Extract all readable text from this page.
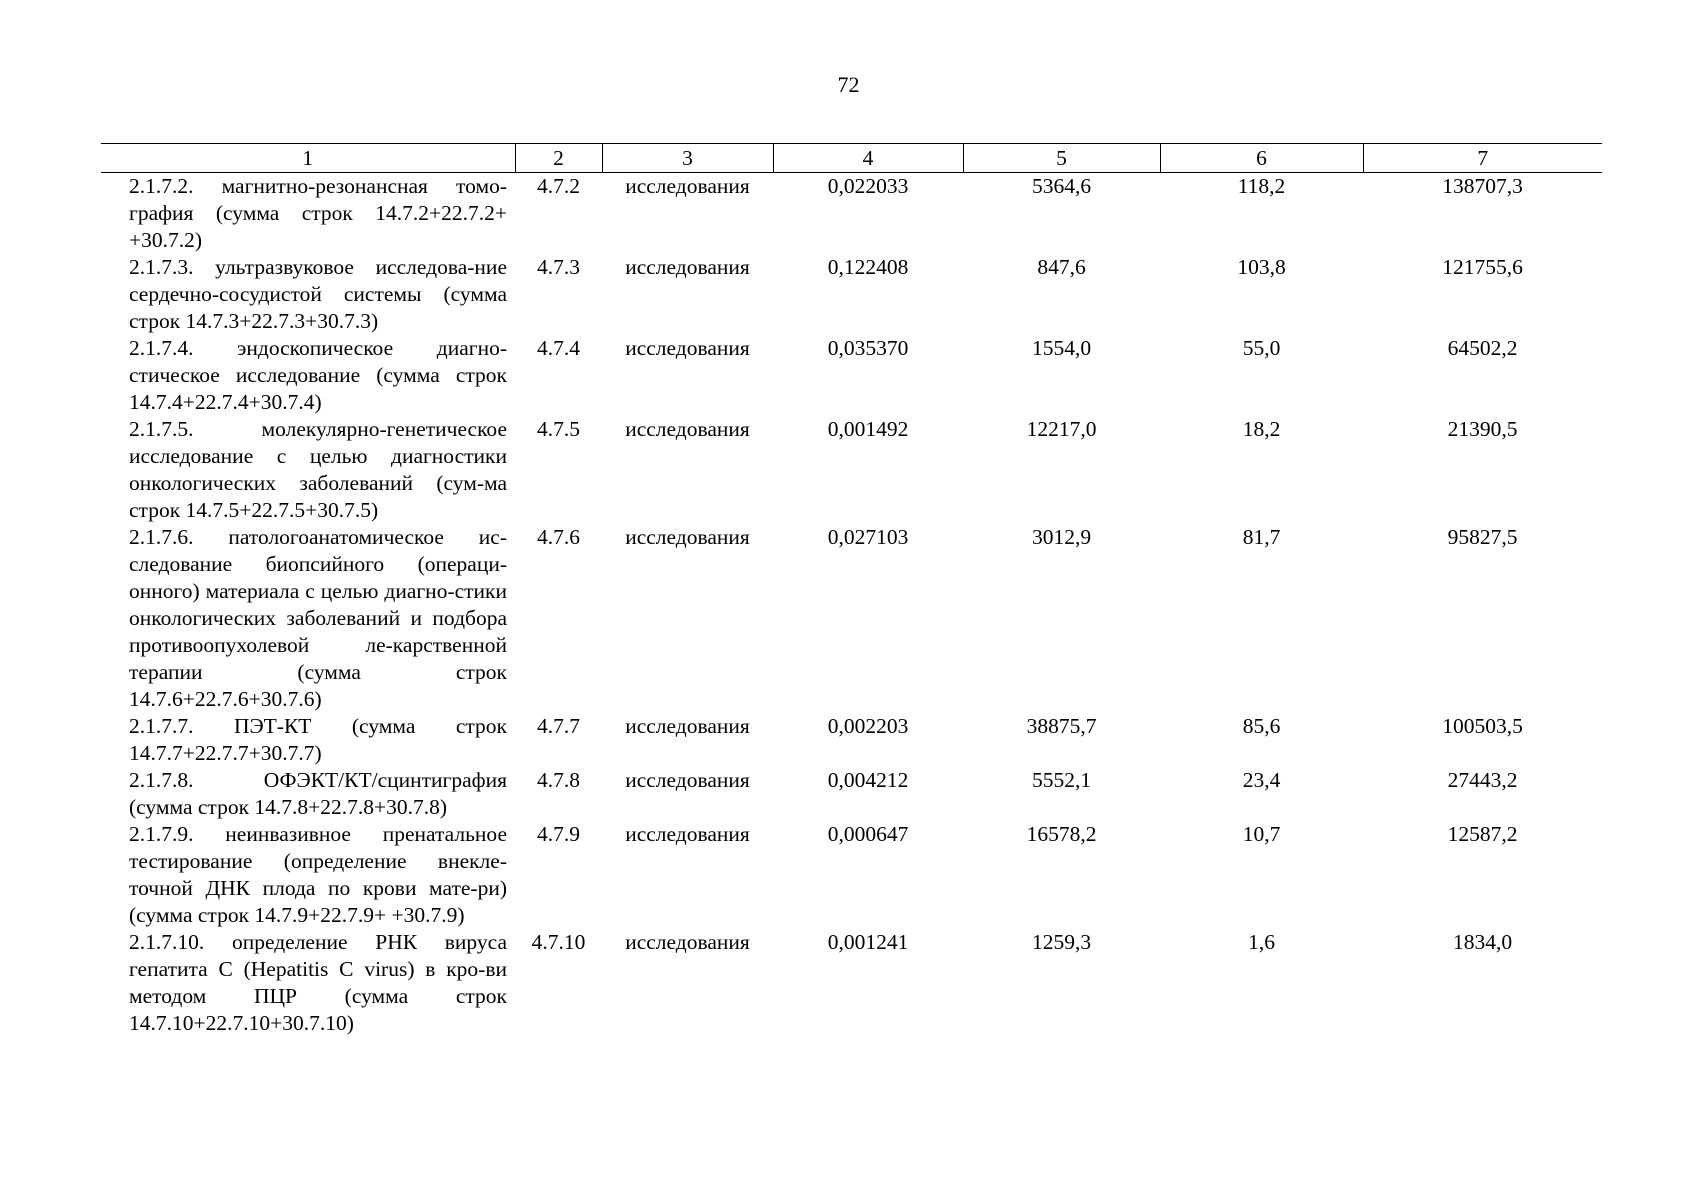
72
1	2	3	4	5	6	7
2.1.7.2. магнитно-резонансная томо-графия (сумма строк 14.7.2+22.7.2+ +30.7.2)	4.7.2	исследования	0,022033	5364,6	118,2	138707,3
2.1.7.3. ультразвуковое исследова-ние сердечно-сосудистой системы (сумма строк 14.7.3+22.7.3+30.7.3)	4.7.3	исследования	0,122408	847,6	103,8	121755,6
2.1.7.4. эндоскопическое диагно-стическое исследование (сумма строк 14.7.4+22.7.4+30.7.4)	4.7.4	исследования	0,035370	1554,0	55,0	64502,2
2.1.7.5. молекулярно-генетическое исследование с целью диагностики онкологических заболеваний (сум-ма строк 14.7.5+22.7.5+30.7.5)	4.7.5	исследования	0,001492	12217,0	18,2	21390,5
2.1.7.6. патологоанатомическое ис-следование биопсийного (операци-онного) материала с целью диагно-стики онкологических заболеваний и подбора противоопухолевой ле-карственной терапии (сумма строк 14.7.6+22.7.6+30.7.6)	4.7.6	исследования	0,027103	3012,9	81,7	95827,5
2.1.7.7. ПЭТ-КТ (сумма строк 14.7.7+22.7.7+30.7.7)	4.7.7	исследования	0,002203	38875,7	85,6	100503,5
2.1.7.8. ОФЭКТ/КТ/сцинтиграфия (сумма строк 14.7.8+22.7.8+30.7.8)	4.7.8	исследования	0,004212	5552,1	23,4	27443,2
2.1.7.9. неинвазивное пренатальное тестирование (определение внекле-точной ДНК плода по крови мате-ри) (сумма строк 14.7.9+22.7.9+ +30.7.9)	4.7.9	исследования	0,000647	16578,2	10,7	12587,2
2.1.7.10. определение РНК вируса гепатита C (Hepatitis C virus) в кро-ви методом ПЦР (сумма строк 14.7.10+22.7.10+30.7.10)	4.7.10	исследования	0,001241	1259,3	1,6	1834,0
